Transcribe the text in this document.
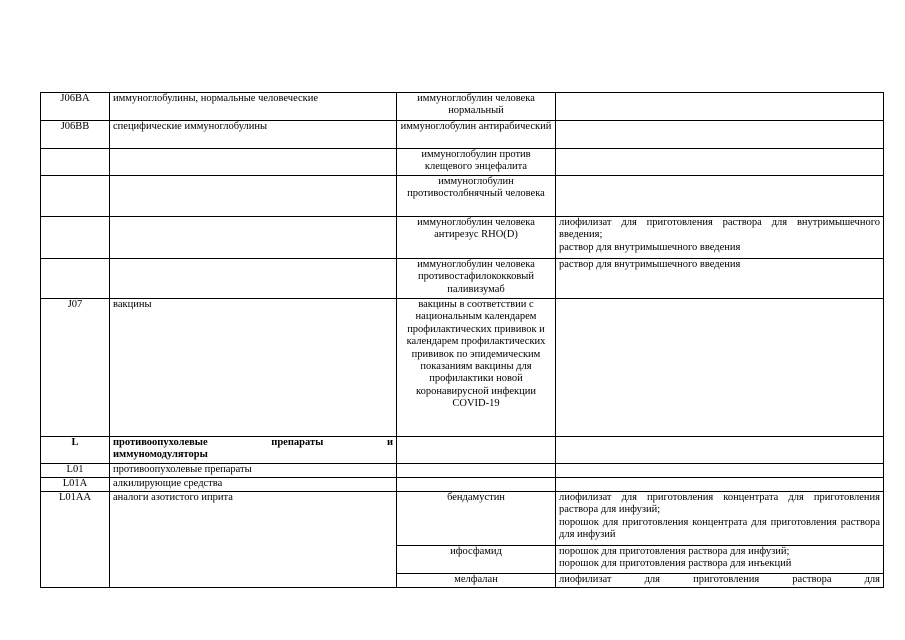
J06BA	иммуноглобулины, нормальные человеческие	иммуноглобулин человека нормальный	
J06BB	специфические иммуноглобулины	иммуноглобулин антирабический	
		иммуноглобулин против клещевого энцефалита	
		иммуноглобулин противостолбнячный человека	
		иммуноглобулин человека антирезус RHO(D)	лиофилизат для приготовления раствора для внутримышечного введения;
раствор для внутримышечного введения

		иммуноглобулин человека противостафилококковый паливизумаб	раствор для внутримышечного введения

J07	вакцины	вакцины в соответствии с национальным календарем профилактических прививок и календарем профилактических прививок по эпидемическим показаниям вакцины для профилактики новой коронавирусной инфекции COVID-19	
L	противоопухолевые препараты и
иммуномодуляторы		

L01	противоопухолевые препараты		
L01A	алкилирующие средства		
L01AA	аналоги азотистого иприта	бендамустин	лиофилизат для приготовления концентрата для приготовления раствора для инфузий;
порошок для приготовления концентрата для приготовления раствора для инфузий

		ифосфамид	порошок для приготовления раствора для инфузий;
порошок для приготовления раствора для инъекций

		мелфалан	лиофилизат для приготовления раствора для
